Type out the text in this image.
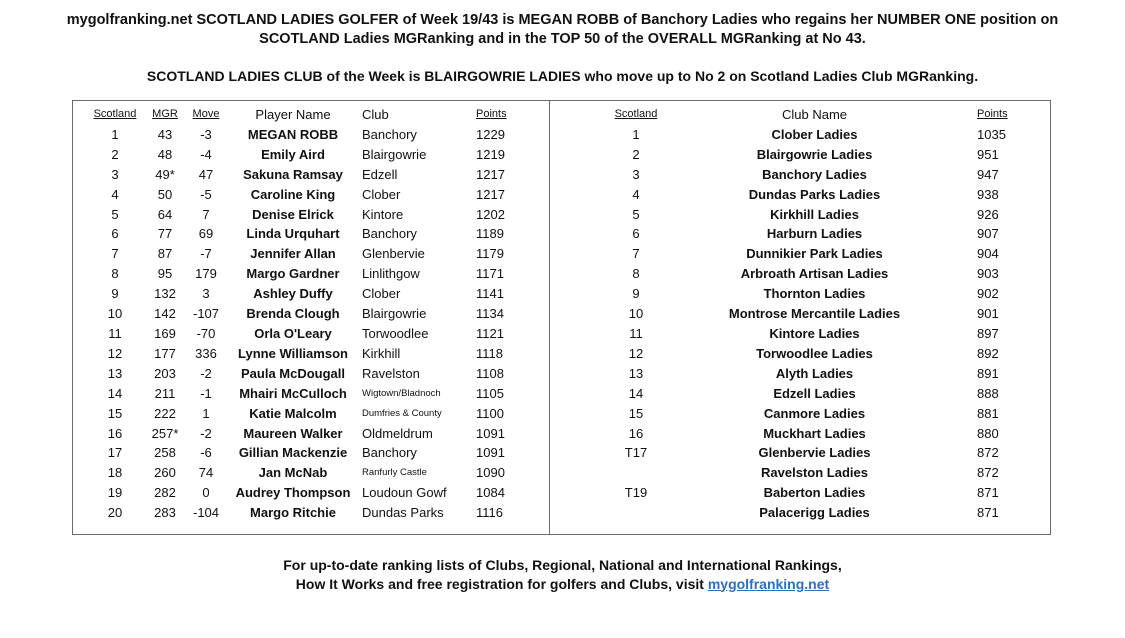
mygolfranking.net SCOTLAND LADIES GOLFER of Week 19/43 is MEGAN ROBB of Banchory Ladies who regains her NUMBER ONE position on
SCOTLAND Ladies MGRanking and in the TOP 50 of the OVERALL MGRanking at No 43.
SCOTLAND LADIES CLUB of the Week is BLAIRGOWRIE LADIES who move up to No 2 on Scotland Ladies Club MGRanking.
Scotland	MGR	Move	Player Name	Club	Points
1	43	-3	MEGAN ROBB	Banchory	1229
2	48	-4	Emily Aird	Blairgowrie	1219
3	49*	47	Sakuna Ramsay	Edzell	1217
4	50	-5	Caroline King	Clober	1217
5	64	7	Denise Elrick	Kintore	1202
6	77	69	Linda Urquhart	Banchory	1189
7	87	-7	Jennifer Allan	Glenbervie	1179
8	95	179	Margo Gardner	Linlithgow	1171
9	132	3	Ashley Duffy	Clober	1141
10	142	-107	Brenda Clough	Blairgowrie	1134
11	169	-70	Orla O'Leary	Torwoodlee	1121
12	177	336	Lynne Williamson	Kirkhill	1118
13	203	-2	Paula McDougall	Ravelston	1108
14	211	-1	Mhairi McCulloch	Wigtown/Bladnoch	1105
15	222	1	Katie Malcolm	Dumfries & County	1100
16	257*	-2	Maureen Walker	Oldmeldrum	1091
17	258	-6	Gillian Mackenzie	Banchory	1091
18	260	74	Jan McNab	Ranfurly Castle	1090
19	282	0	Audrey Thompson	Loudoun Gowf	1084
20	283	-104	Margo Ritchie	Dundas Parks	1116
Scotland	Club Name	Points
1	Clober Ladies	1035
2	Blairgowrie Ladies	951
3	Banchory Ladies	947
4	Dundas Parks Ladies	938
5	Kirkhill Ladies	926
6	Harburn Ladies	907
7	Dunnikier Park Ladies	904
8	Arbroath Artisan Ladies	903
9	Thornton Ladies	902
10	Montrose Mercantile Ladies	901
11	Kintore Ladies	897
12	Torwoodlee Ladies	892
13	Alyth Ladies	891
14	Edzell Ladies	888
15	Canmore Ladies	881
16	Muckhart Ladies	880
T17	Glenbervie Ladies	872
	Ravelston Ladies	872
T19	Baberton Ladies	871
	Palacerigg Ladies	871
For up-to-date ranking lists of Clubs, Regional, National and International Rankings,
How It Works and free registration for golfers and Clubs, visit mygolfranking.net
